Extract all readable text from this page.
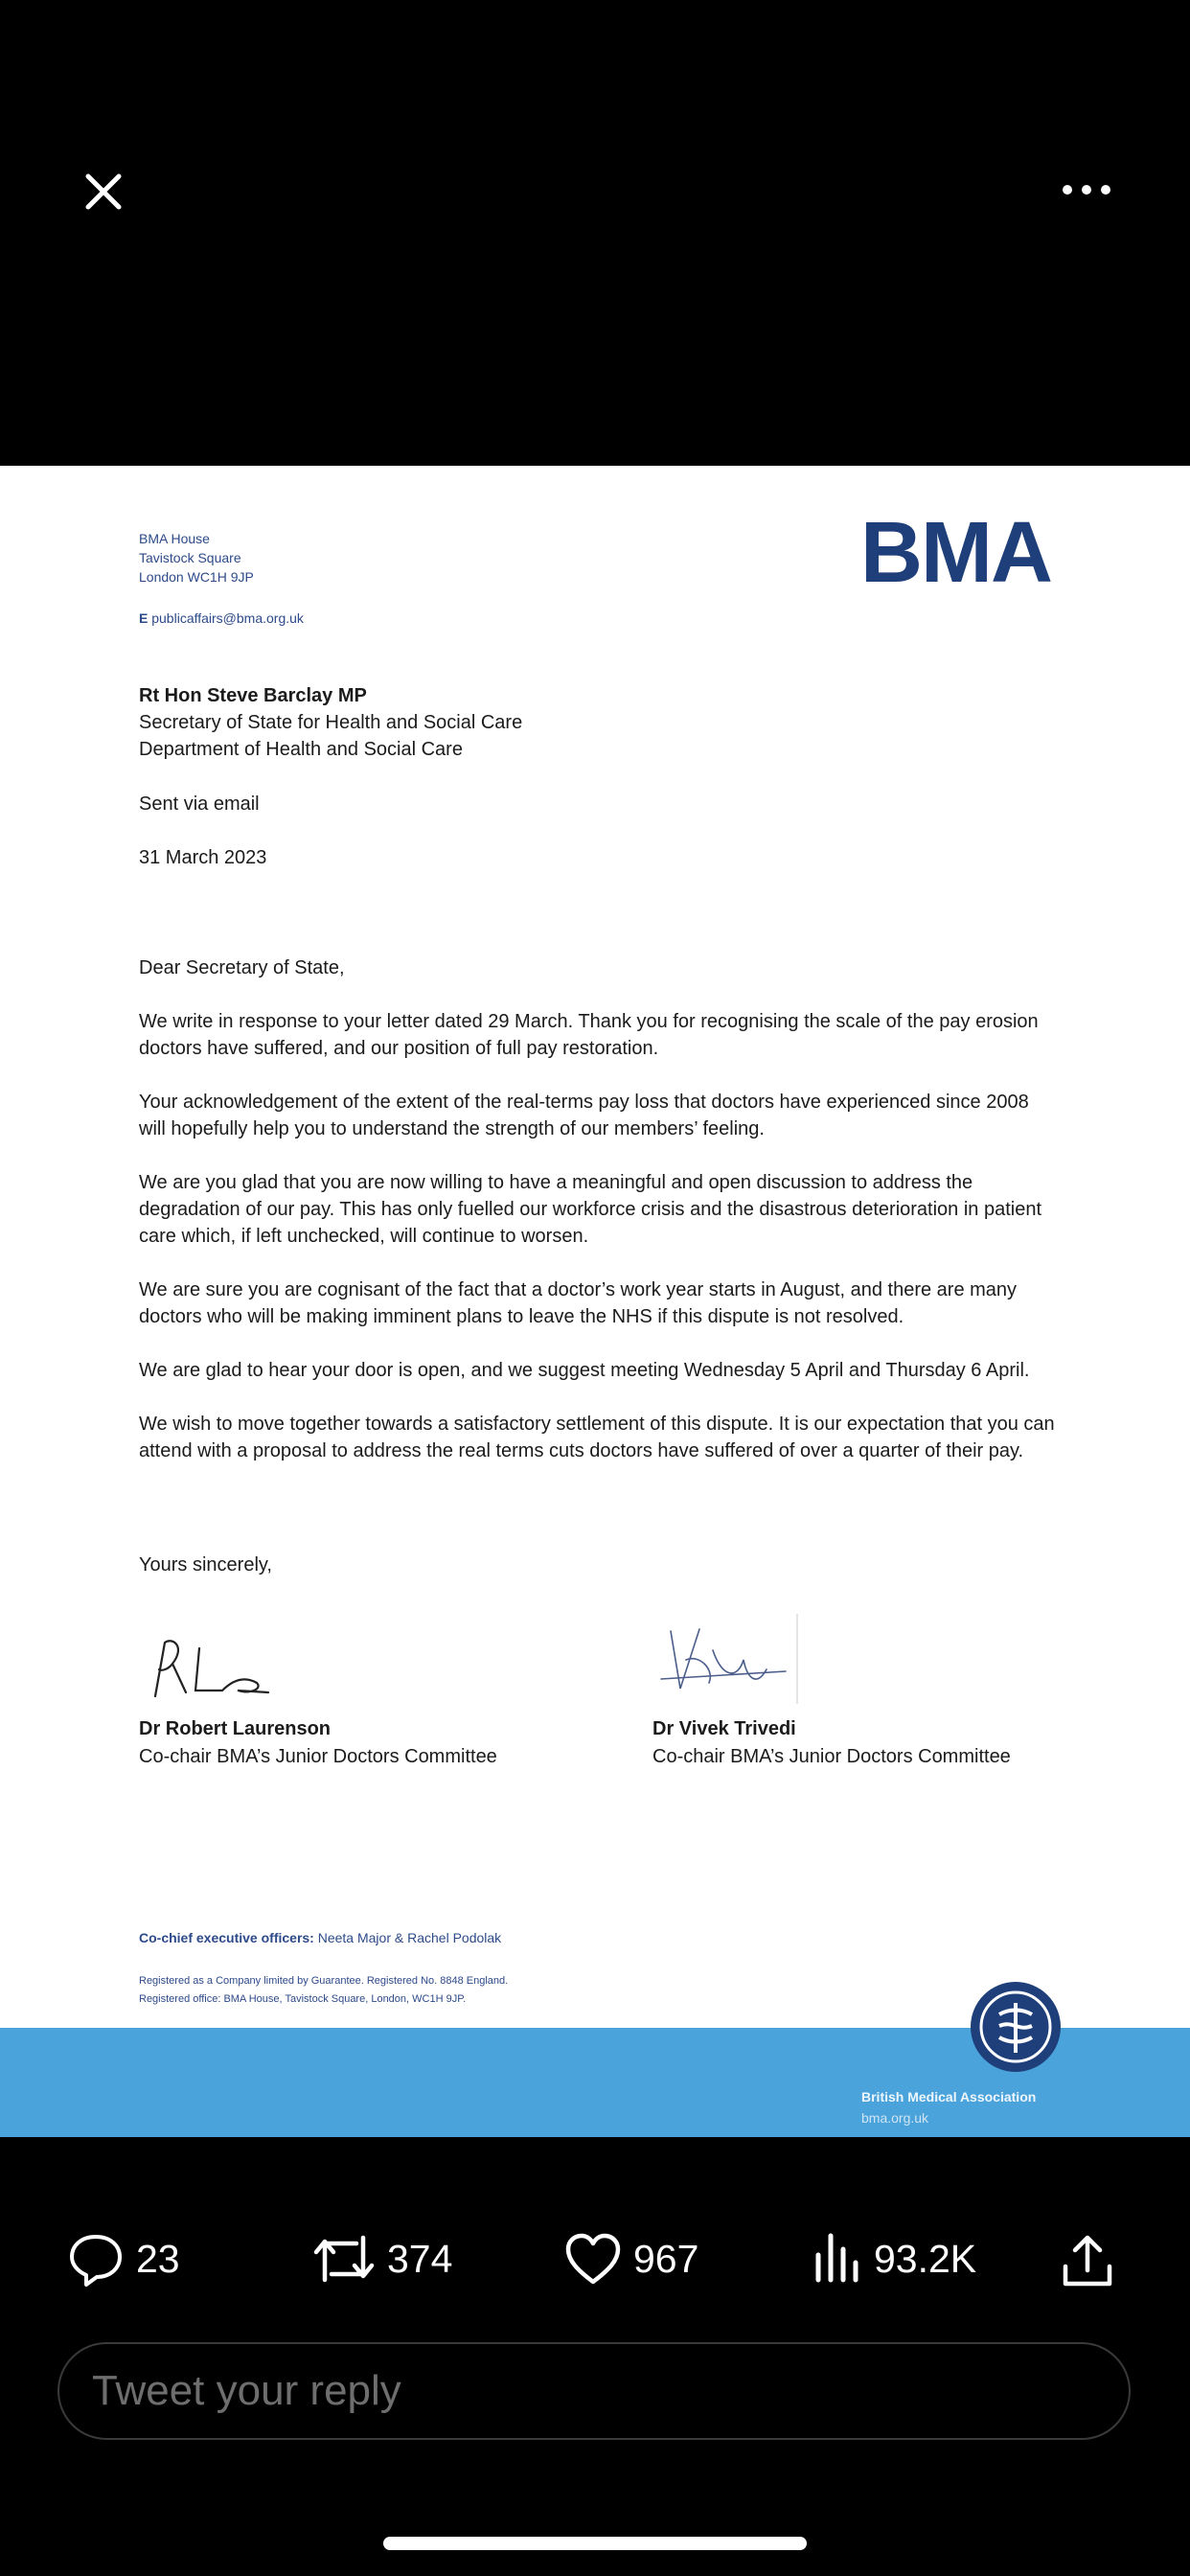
BMA House
Tavistock Square
London WC1H 9JP
E publicaffairs@bma.org.uk
BMA
Rt Hon Steve Barclay MP
Secretary of State for Health and Social Care
Department of Health and Social Care
Sent via email
31 March 2023

Dear Secretary of State,

We write in response to your letter dated 29 March. Thank you for recognising the scale of the pay erosion doctors have suffered, and our position of full pay restoration.

Your acknowledgement of the extent of the real-terms pay loss that doctors have experienced since 2008 will hopefully help you to understand the strength of our members’ feeling.

We are you glad that you are now willing to have a meaningful and open discussion to address the degradation of our pay. This has only fuelled our workforce crisis and the disastrous deterioration in patient care which, if left unchecked, will continue to worsen.

We are sure you are cognisant of the fact that a doctor’s work year starts in August, and there are many doctors who will be making imminent plans to leave the NHS if this dispute is not resolved.

We are glad to hear your door is open, and we suggest meeting Wednesday 5 April and Thursday 6 April.

We wish to move together towards a satisfactory settlement of this dispute. It is our expectation that you can attend with a proposal to address the real terms cuts doctors have suffered of over a quarter of their pay.

Yours sincerely,
Dr Robert Laurenson
Co-chair BMA’s Junior Doctors Committee
Dr Vivek Trivedi
Co-chair BMA’s Junior Doctors Committee
Co-chief executive officers: Neeta Major & Rachel Podolak
Registered as a Company limited by Guarantee. Registered No. 8848 England.
Registered office: BMA House, Tavistock Square, London, WC1H 9JP.
British Medical Association
bma.org.uk
23	374	967	93.2K
Tweet your reply
